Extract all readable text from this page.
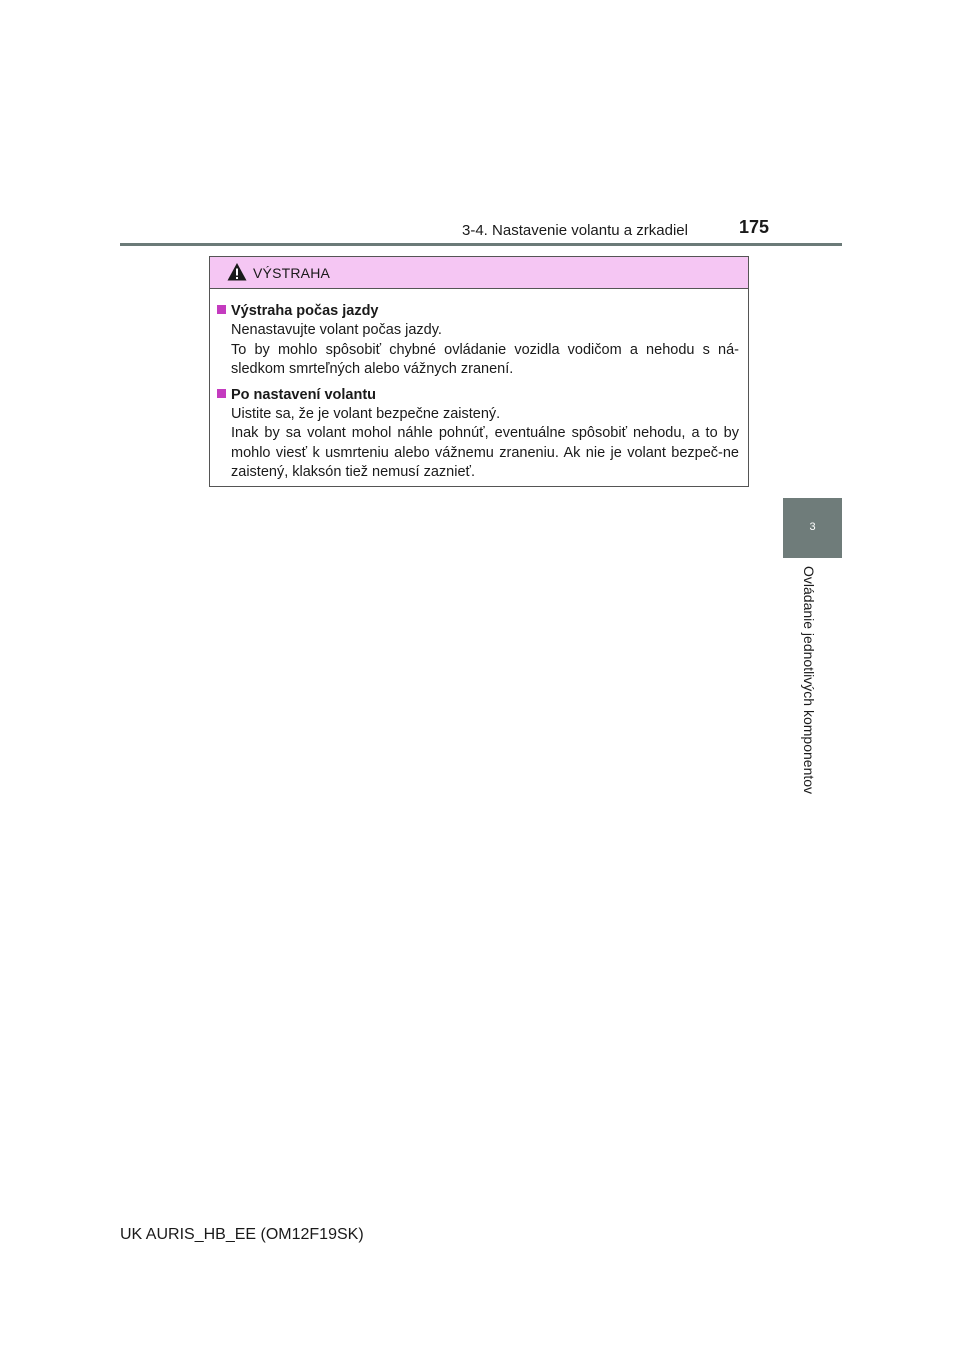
3-4. Nastavenie volantu a zrkadiel	175
3
Ovládanie jednotlivých komponentov
VÝSTRAHA
Výstraha počas jazdy

Nenastavujte volant počas jazdy.

To by mohlo spôsobiť chybné ovládanie vozidla vodičom a nehodu s ná-sledkom smrteľných alebo vážnych zranení.

Po nastavení volantu

Uistite sa, že je volant bezpečne zaistený.

Inak by sa volant mohol náhle pohnúť, eventuálne spôsobiť nehodu, a to by mohlo viesť k usmrteniu alebo vážnemu zraneniu. Ak nie je volant bezpeč-ne zaistený, klaksón tiež nemusí zaznieť.

UK AURIS_HB_EE (OM12F19SK)
